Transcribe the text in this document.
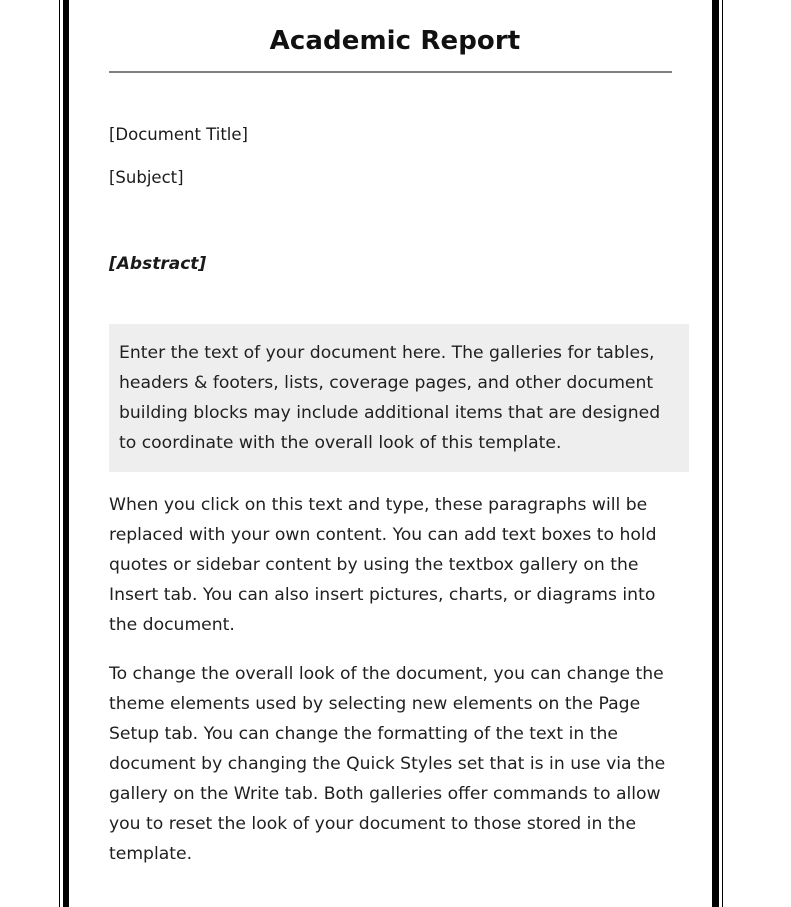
Academic Report
[Document Title]
[Subject]
[Abstract]

Enter the text of your document here. The galleries for tables, headers & footers, lists, coverage pages, and other document building blocks may include additional items that are designed to coordinate with the overall look of this template.

When you click on this text and type, these paragraphs will be replaced with your own content. You can add text boxes to hold quotes or sidebar content by using the textbox gallery on the Insert tab. You can also insert pictures, charts, or diagrams into the document.

To change the overall look of the document, you can change the theme elements used by selecting new elements on the Page Setup tab. You can change the formatting of the text in the document by changing the Quick Styles set that is in use via the gallery on the Write tab. Both galleries offer commands to allow you to reset the look of your document to those stored in the template.
